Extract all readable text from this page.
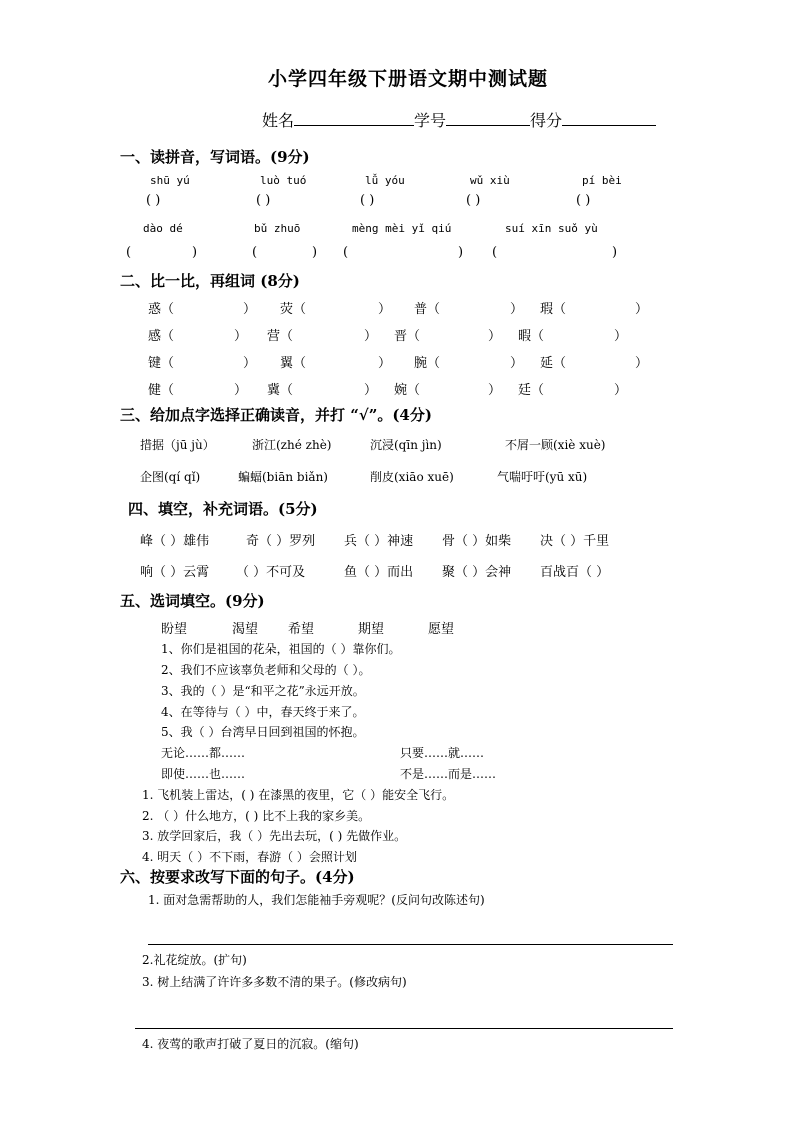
小学四年级下册语文期中测试题
姓名	学号	得分
一、读拼音，写词语。(9分)
shū yú	luò tuó	lǚ yóu	wǔ xiù	pí bèi
( )	( )	( )	( )	( )
dào dé	bǔ zhuō	mèng mèi yǐ qiú	suí xīn suǒ yù
(	)	(	) (	) (	)
二、比一比，再组词 (8分)
惑（	） 荧（	） 普（	） 瑕（	）
感（	） 营（	） 晋（	） 暇（	）
键（	） 翼（	） 腕（	） 延（	）
健（	） 冀（	） 婉（	） 廷（	）
三、给加点字选择正确读音，并打 “√”。(4分)
措据（jū jù）	浙江(zhé zhè)	沉浸(qīn jìn)	不屑一顾(xiè xuè)
企图(qí qǐ)	蝙蝠(biān biǎn)	削皮(xiāo xuē)	气喘吁吁(yū xū)
四、填空，补充词语。(5分)
峰（ ）雄伟	奇（ ）罗列 兵（ ）神速 骨（ ）如柴 决（ ）千里
响（ ）云霄 （ ）不可及	鱼（ ）而出 聚（ ）会神 百战百（ ）
五、选词填空。(9分)
盼望	渴望 希望	期望	愿望
1、你们是祖国的花朵，祖国的（ ）靠你们。
2、我们不应该辜负老师和父母的（ ）。
3、我的（ ）是“和平之花”永远开放。
4、在等待与（ ）中，春天终于来了。
5、我（ ）台湾早日回到祖国的怀抱。
无论……都……	只要……就……
即使……也……	不是……而是……
1. 飞机装上雷达，( ) 在漆黑的夜里，它（ ）能安全飞行。
2. （ ）什么地方，( ) 比不上我的家乡美。
3. 放学回家后，我（ ）先出去玩，( ) 先做作业。
4. 明天（ ）不下雨，春游（ ）会照计划
六、按要求改写下面的句子。(4分)
1. 面对急需帮助的人，我们怎能袖手旁观呢？(反问句改陈述句)
2.礼花绽放。(扩句)
3. 树上结满了许许多多数不清的果子。(修改病句)
4. 夜莺的歌声打破了夏日的沉寂。(缩句)
